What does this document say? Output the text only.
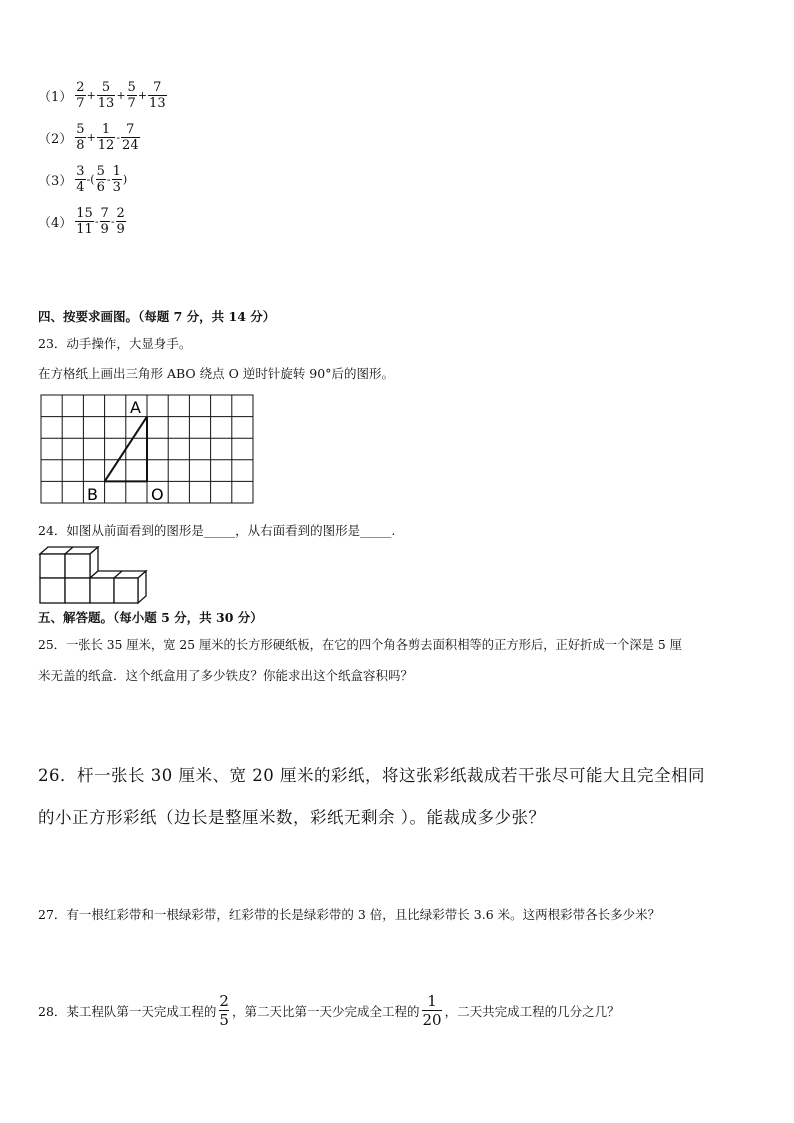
$(1) \frac{2}{7} + \frac{5}{13} + \frac{5}{7} + \frac{7}{13}$
$(2) \frac{5}{8} + \frac{1}{12} - \frac{7}{24}$
$(3) \frac{3}{4}$ -( $\frac{5}{6} - \frac{1}{3}$ )
$(4) \frac{15}{11} - \frac{7}{9} - \frac{2}{9}$
四、按要求画图。（每题 7 分，共 14 分）
23．动手操作，大显身手。
在方格纸上画出三角形 ABO 绕点 O 逆时针旋转 90°后的图形。
A
B	O
24．如图从前面看到的图形是_____，从右面看到的图形是_____.
五、解答题。（每小题 5 分，共 30 分）
25．一张长 35 厘米，宽 25 厘米的长方形硬纸板，在它的四个角各剪去面积相等的正方形后，正好折成一个深是 5 厘
米无盖的纸盒．这个纸盒用了多少铁皮？你能求出这个纸盒容积吗？
26．杆一张长 30 厘米、宽 20 厘米的彩纸，将这张彩纸裁成若干张尽可能大且完全相同
的小正方形彩纸（边长是整厘米数，彩纸无剩余 ）。能裁成多少张？
27．有一根红彩带和一根绿彩带，红彩带的长是绿彩带的 3 倍，且比绿彩带长 3.6 米。这两根彩带各长多少米？
28．某工程队第一天完成工程的 $\frac{2}{5}$ ，第二天比第一天少完成全工程的 $\frac{1}{20}$ ，二天共完成工程的几分之几？
